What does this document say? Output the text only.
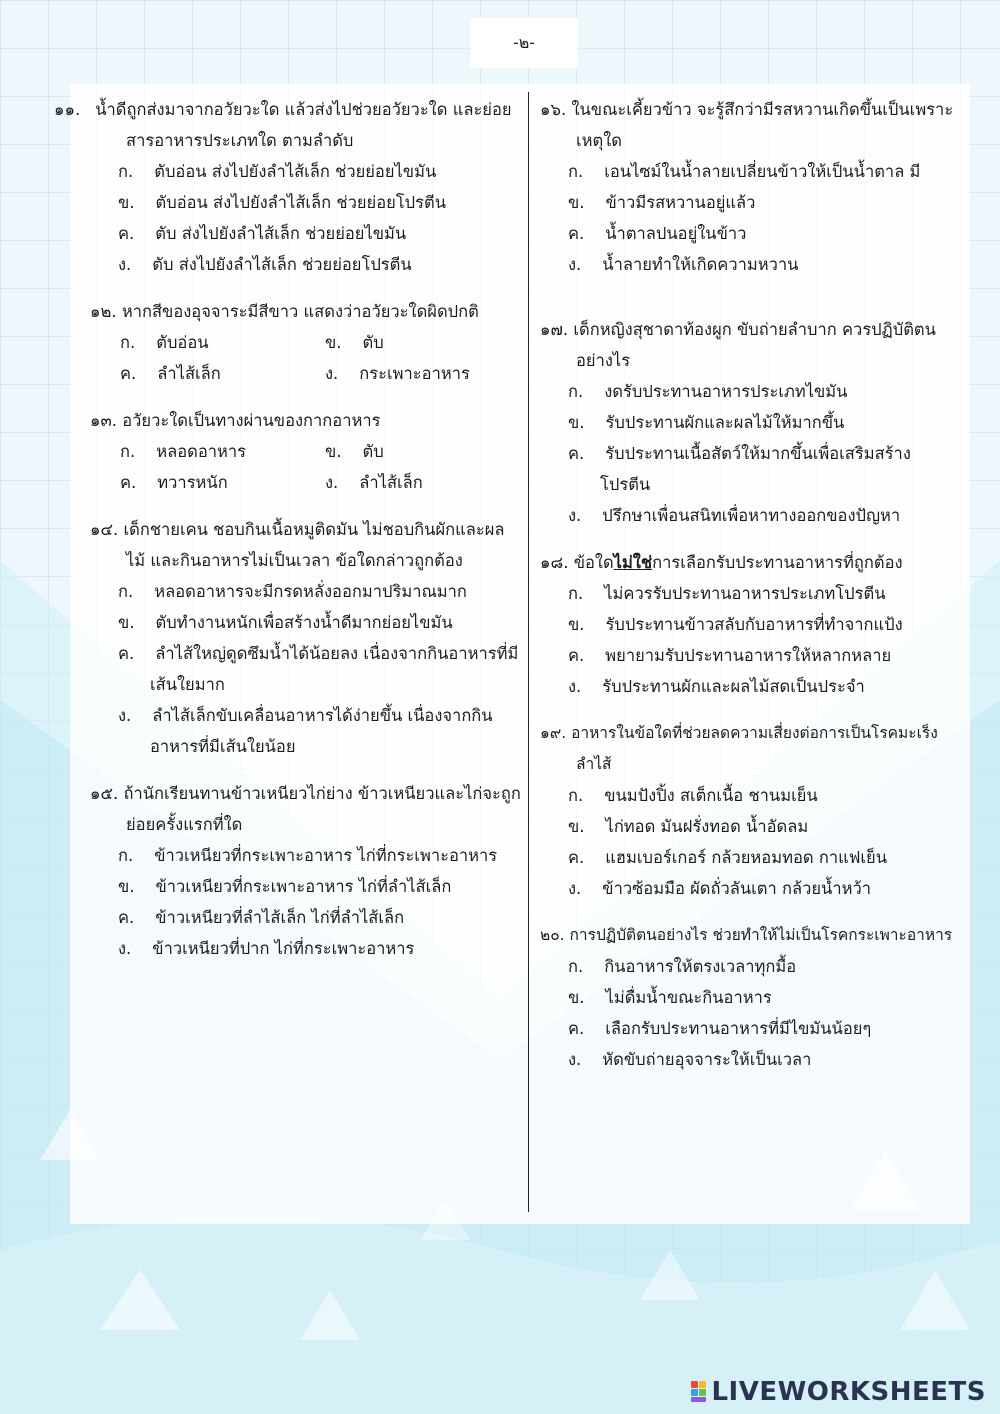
-๒-
น้ำดีถูกส่งมาจากอวัยวะใด แล้วส่งไปช่วยอวัยวะใด และย่อยสารอาหารประเภทใด ตามลำดับ
ก. ตับอ่อน ส่งไปยังลำไส้เล็ก ช่วยย่อยไขมัน
ข. ตับอ่อน ส่งไปยังลำไส้เล็ก ช่วยย่อยโปรตีน
ค. ตับ ส่งไปยังลำไส้เล็ก ช่วยย่อยไขมัน
ง. ตับ ส่งไปยังลำไส้เล็ก ช่วยย่อยโปรตีน
๑๒. หากสีของอุจจาระมีสีขาว แสดงว่าอวัยวะใดผิดปกติ
ก. ตับอ่อน	ข. ตับ
ค. ลำไส้เล็ก	ง. กระเพาะอาหาร
๑๓. อวัยวะใดเป็นทางผ่านของกากอาหาร
ก. หลอดอาหาร	ข. ตับ
ค. ทวารหนัก	ง. ลำไส้เล็ก
๑๔. เด็กชายเคน ชอบกินเนื้อหมูติดมัน ไม่ชอบกินผักและผลไม้ และกินอาหารไม่เป็นเวลา ข้อใดกล่าวถูกต้อง
ก. หลอดอาหารจะมีกรดหลั่งออกมาปริมาณมาก
ข. ตับทำงานหนักเพื่อสร้างน้ำดีมากย่อยไขมัน
ค. ลำไส้ใหญ่ดูดซึมน้ำได้น้อยลง เนื่องจากกินอาหารที่มีเส้นใยมาก
ง. ลำไส้เล็กขับเคลื่อนอาหารได้ง่ายขึ้น เนื่องจากกินอาหารที่มีเส้นใยน้อย
๑๕. ถ้านักเรียนทานข้าวเหนียวไก่ย่าง ข้าวเหนียวและไก่จะถูกย่อยครั้งแรกที่ใด
ก. ข้าวเหนียวที่กระเพาะอาหาร ไก่ที่กระเพาะอาหาร
ข. ข้าวเหนียวที่กระเพาะอาหาร ไก่ที่ลำไส้เล็ก
ค. ข้าวเหนียวที่ลำไส้เล็ก ไก่ที่ลำไส้เล็ก
ง. ข้าวเหนียวที่ปาก ไก่ที่กระเพาะอาหาร
๑๖. ในขณะเคี้ยวข้าว จะรู้สึกว่ามีรสหวานเกิดขึ้นเป็นเพราะเหตุใด
ก. เอนไซม์ในน้ำลายเปลี่ยนข้าวให้เป็นน้ำตาล มี
ข. ข้าวมีรสหวานอยู่แล้ว
ค. น้ำตาลปนอยู่ในข้าว
ง. น้ำลายทำให้เกิดความหวาน
๑๗. เด็กหญิงสุชาดาท้องผูก ขับถ่ายลำบาก ควรปฏิบัติตนอย่างไร
ก. งดรับประทานอาหารประเภทไขมัน
ข. รับประทานผักและผลไม้ให้มากขึ้น
ค. รับประทานเนื้อสัตว์ให้มากขึ้นเพื่อเสริมสร้างโปรตีน
ง. ปรึกษาเพื่อนสนิทเพื่อหาทางออกของปัญหา
๑๘. ข้อใดไม่ใช่การเลือกรับประทานอาหารที่ถูกต้อง
ก. ไม่ควรรับประทานอาหารประเภทโปรตีน
ข. รับประทานข้าวสลับกับอาหารที่ทำจากแป้ง
ค. พยายามรับประทานอาหารให้หลากหลาย
ง. รับประทานผักและผลไม้สดเป็นประจำ
๑๙. อาหารในข้อใดที่ช่วยลดความเสี่ยงต่อการเป็นโรคมะเร็งลำไส้
ก. ขนมปังปิ้ง สเต็กเนื้อ ชานมเย็น
ข. ไก่ทอด มันฝรั่งทอด น้ำอัดลม
ค. แฮมเบอร์เกอร์ กล้วยหอมทอด กาแฟเย็น
ง. ข้าวซ้อมมือ ผัดถั่วลันเตา กล้วยน้ำหว้า
๒๐. การปฏิบัติตนอย่างไร ช่วยทำให้ไม่เป็นโรคกระเพาะอาหาร
ก. กินอาหารให้ตรงเวลาทุกมื้อ
ข. ไม่ดื่มน้ำขณะกินอาหาร
ค. เลือกรับประทานอาหารที่มีไขมันน้อยๆ
ง. หัดขับถ่ายอุจจาระให้เป็นเวลา
LIVEWORKSHEETS
